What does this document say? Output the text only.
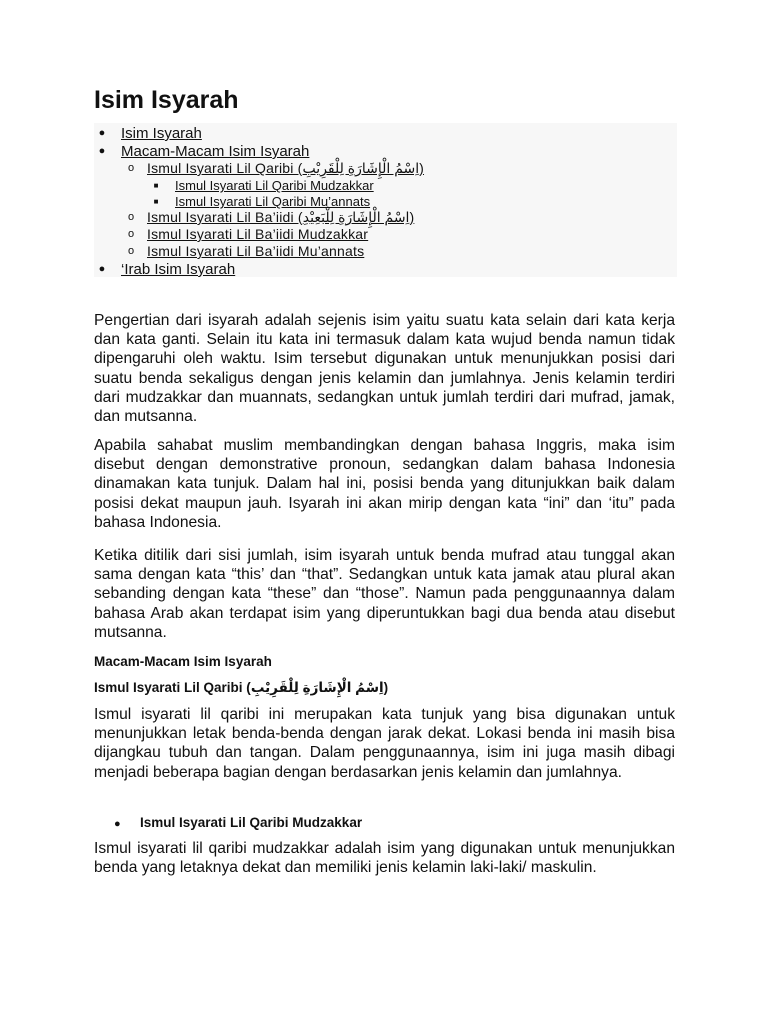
Isim Isyarah
● Isim Isyarah
● Macam-Macam Isim Isyarah
o Ismul Isyarati Lil Qaribi (اِسْمُ الْإِشَارَةِ لِلْقَرِيْبِ)
■ Ismul Isyarati Lil Qaribi Mudzakkar
■ Ismul Isyarati Lil Qaribi Mu’annats
o Ismul Isyarati Lil Ba’iidi (اِسْمُ الْإِشَارَةِ لِلْبَعِيْدِ)
o Ismul Isyarati Lil Ba’iidi Mudzakkar
o Ismul Isyarati Lil Ba’iidi Mu’annats
● ‘Irab Isim Isyarah

Pengertian dari isyarah adalah sejenis isim yaitu suatu kata selain dari kata kerja dan kata ganti. Selain itu kata ini termasuk dalam kata wujud benda namun tidak dipengaruhi oleh waktu. Isim tersebut digunakan untuk menunjukkan posisi dari suatu benda sekaligus dengan jenis kelamin dan jumlahnya. Jenis kelamin terdiri dari mudzakkar dan muannats, sedangkan untuk jumlah terdiri dari mufrad, jamak, dan mutsanna.

Apabila sahabat muslim membandingkan dengan bahasa Inggris, maka isim disebut dengan demonstrative pronoun, sedangkan dalam bahasa Indonesia dinamakan kata tunjuk. Dalam hal ini, posisi benda yang ditunjukkan baik dalam posisi dekat maupun jauh. Isyarah ini akan mirip dengan kata “ini” dan ‘itu” pada bahasa Indonesia.

Ketika ditilik dari sisi jumlah, isim isyarah untuk benda mufrad atau tunggal akan sama dengan kata “this’ dan “that”. Sedangkan untuk kata jamak atau plural akan sebanding dengan kata “these” dan “those”. Namun pada penggunaannya dalam bahasa Arab akan terdapat isim yang diperuntukkan bagi dua benda atau disebut mutsanna.

Macam-Macam Isim Isyarah

Ismul Isyarati Lil Qaribi (اِسْمُ الْإِشَارَةِ لِلْقَرِيْبِ)

Ismul isyarati lil qaribi ini merupakan kata tunjuk yang bisa digunakan untuk menunjukkan letak benda-benda dengan jarak dekat. Lokasi benda ini masih bisa dijangkau tubuh dan tangan. Dalam penggunaannya, isim ini juga masih dibagi menjadi beberapa bagian dengan berdasarkan jenis kelamin dan jumlahnya.

● Ismul Isyarati Lil Qaribi Mudzakkar

Ismul isyarati lil qaribi mudzakkar adalah isim yang digunakan untuk menunjukkan benda yang letaknya dekat dan memiliki jenis kelamin laki-laki/ maskulin.
